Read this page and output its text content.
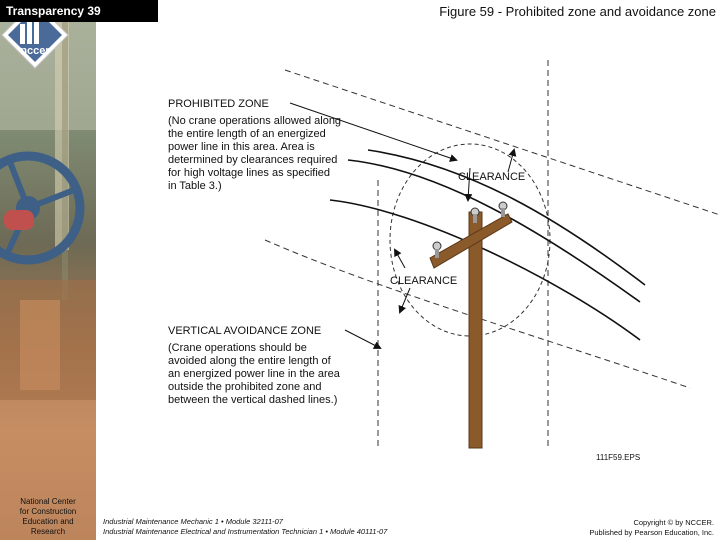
nccer
National Center
for Construction
Education and
Research
Transparency 39	Figure 59 - Prohibited zone and avoidance zone
PROHIBITED ZONE
(No crane operations allowed along
the entire length of an energized
power line in this area. Area is
determined by clearances required
for high voltage lines as specified
in Table 3.)
VERTICAL AVOIDANCE ZONE
(Crane operations should be
avoided along the entire length of
an energized power line in the area
outside the prohibited zone and
between the vertical dashed lines.)
CLEARANCE
CLEARANCE
111F59.EPS
Industrial Maintenance Mechanic 1 • Module 32111-07
Industrial Maintenance Electrical and Instrumentation Technician 1 • Module 40111-07
Copyright © by NCCER.
Published by Pearson Education, Inc.
